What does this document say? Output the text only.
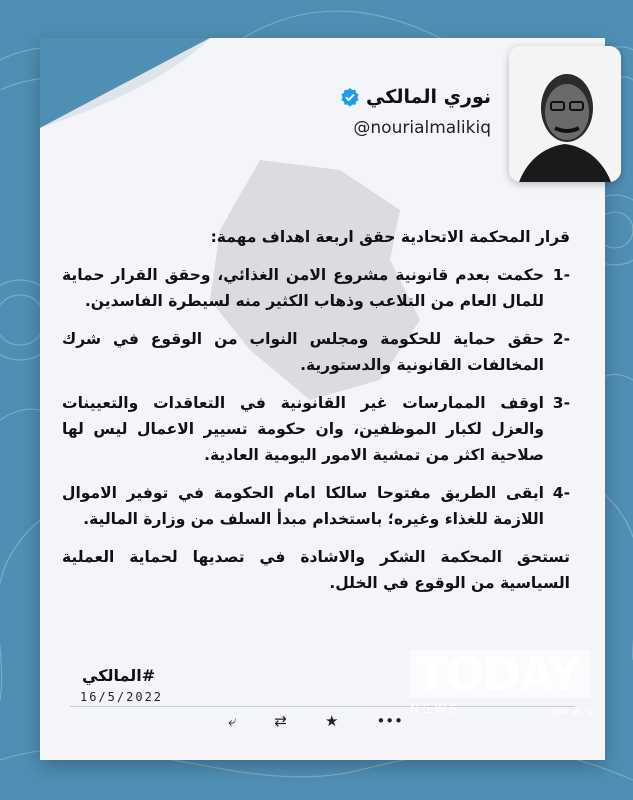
نوري المالكي
@nourialmalikiq

قرار المحكمة الاتحادية حقق اربعة اهداف مهمة:

-1

حكمت بعدم قانونية مشروع الامن الغذائي، وحقق القرار حماية للمال العام من التلاعب وذهاب الكثير منه لسيطرة الفاسدين.

-2

حقق حماية للحكومة ومجلس النواب من الوقوع في شرك المخالفات القانونية والدستورية.

-3

اوقف الممارسات غير القانونية في التعاقدات والتعيينات والعزل لكبار الموظفين، وان حكومة تسيير الاعمال ليس لها صلاحية اكثر من تمشية الامور اليومية العادية.

-4

ابقى الطريق مفتوحا سالكا امام الحكومة في توفير الاموال اللازمة للغذاء وغيره؛ باستخدام مبدأ السلف من وزارة المالية.

تستحق المحكمة الشكر والاشادة في تصديها لحماية العملية السياسية من الوقوع في الخلل.

#المالكي
16/5/2022
⤶	⇄	★	•••
TODAY
N E W S	تودي نيوز
